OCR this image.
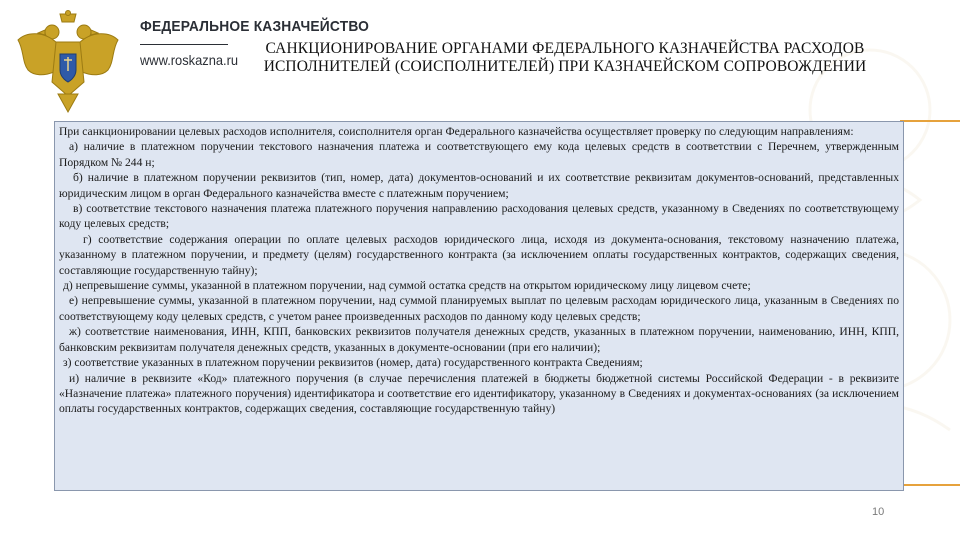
ФЕДЕРАЛЬНОЕ КАЗНАЧЕЙСТВО
www.roskazna.ru
САНКЦИОНИРОВАНИЕ ОРГАНАМИ ФЕДЕРАЛЬНОГО КАЗНАЧЕЙСТВА РАСХОДОВ ИСПОЛНИТЕЛЕЙ (СОИСПОЛНИТЕЛЕЙ) ПРИ КАЗНАЧЕЙСКОМ СОПРОВОЖДЕНИИ

При санкционировании целевых расходов исполнителя, соисполнителя орган Федерального казначейства осуществляет проверку по следующим направлениям:

а) наличие в платежном поручении текстового назначения платежа и соответствующего ему кода целевых средств в соответствии с Перечнем, утвержденным Порядком № 244 н;

б) наличие в платежном поручении реквизитов (тип, номер, дата) документов-оснований и их соответствие реквизитам документов-оснований, представленных юридическим лицом в орган Федерального казначейства вместе с платежным поручением;

в) соответствие текстового назначения платежа платежного поручения направлению расходования целевых средств, указанному в Сведениях по соответствующему коду целевых средств;

г) соответствие содержания операции по оплате целевых расходов юридического лица, исходя из документа-основания, текстовому назначению платежа, указанному в платежном поручении, и предмету (целям) государственного контракта (за исключением оплаты государственных контрактов, содержащих сведения, составляющие государственную тайну);

д) непревышение суммы, указанной в платежном поручении, над суммой остатка средств на открытом юридическому лицу лицевом счете;

е) непревышение суммы, указанной в платежном поручении, над суммой планируемых выплат по целевым расходам юридического лица, указанным в Сведениях по соответствующему коду целевых средств, с учетом ранее произведенных расходов по данному коду целевых средств;

ж) соответствие наименования, ИНН, КПП, банковских реквизитов получателя денежных средств, указанных в платежном поручении, наименованию, ИНН, КПП, банковским реквизитам получателя денежных средств, указанных в документе-основании (при его наличии);

з) соответствие указанных в платежном поручении реквизитов (номер, дата) государственного контракта Сведениям;

и) наличие в реквизите «Код» платежного поручения (в случае перечисления платежей в бюджеты бюджетной системы Российской Федерации - в реквизите «Назначение платежа» платежного поручения) идентификатора и соответствие его идентификатору, указанному в Сведениях и документах-основаниях (за исключением оплаты государственных контрактов, содержащих сведения, составляющие государственную тайну)

10
